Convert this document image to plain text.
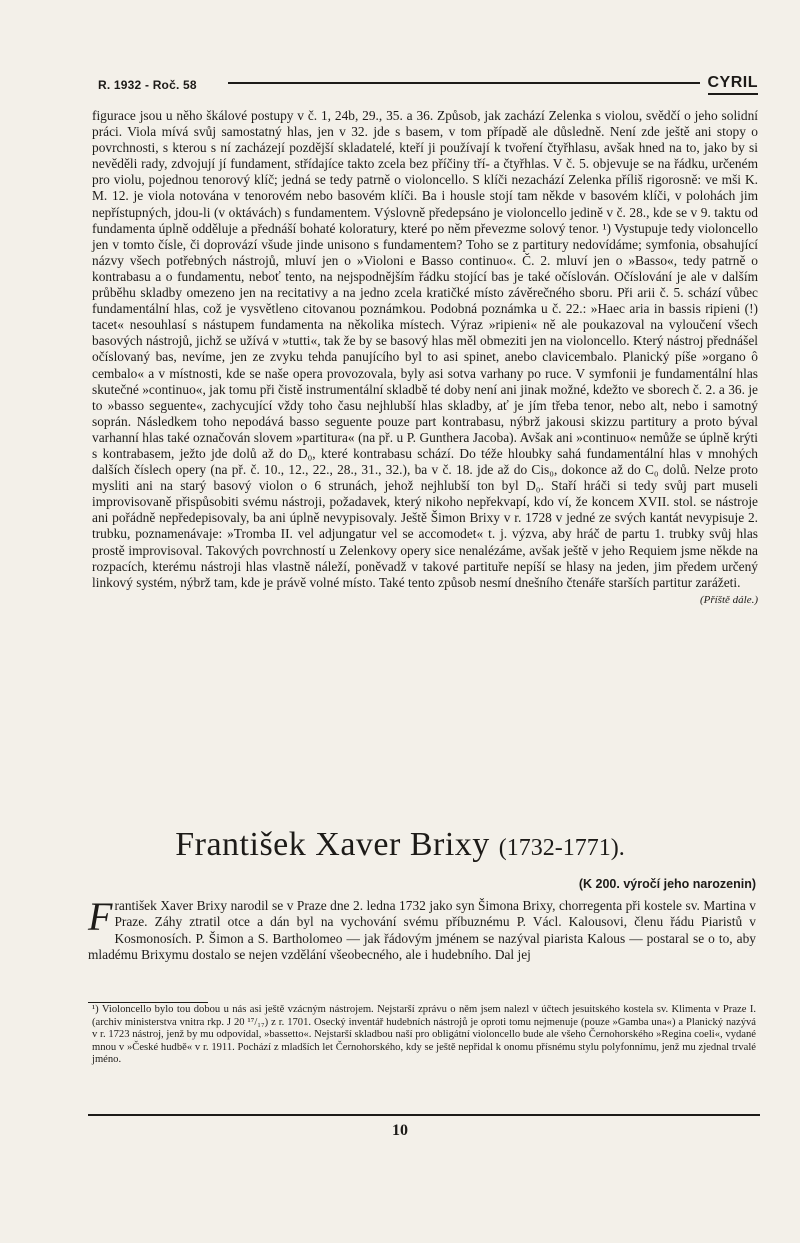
R. 1932 - Roč. 58	CYRIL

figurace jsou u něho škálové postupy v č. 1, 24b, 29., 35. a 36. Způsob, jak zachází Zelenka s violou, svědčí o jeho solidní práci. Viola mívá svůj samostatný hlas, jen v 32. jde s basem, v tom případě ale důsledně. Není zde ještě ani stopy o povrchnosti, s kterou s ní zacházejí pozdější skladatelé, kteří ji používají k tvoření čtyřhlasu, avšak hned na to, jako by si nevěděli rady, zdvojují jí fundament, střídajíce takto zcela bez příčiny tří- a čtyřhlas. V č. 5. objevuje se na řádku, určeném pro violu, pojednou tenorový klíč; jedná se tedy patrně o violoncello. S klíči nezachází Zelenka příliš rigorosně: ve mši K. M. 12. je viola notována v tenorovém nebo basovém klíči. Ba i housle stojí tam někde v basovém klíči, v polohách jim nepřístupných, jdou-li (v oktávách) s fundamentem. Výslovně předepsáno je violoncello jedině v č. 28., kde se v 9. taktu od fundamenta úplně odděluje a přednáší bohaté koloratury, které po něm převezme solový tenor. ¹) Vystupuje tedy violoncello jen v tomto čísle, či doprovází všude jinde unisono s fundamentem? Toho se z partitury nedovídáme; symfonia, obsahující názvy všech potřebných nástrojů, mluví jen o »Violoni e Basso continuo«. Č. 2. mluví jen o »Basso«, tedy patrně o kontrabasu a o fundamentu, neboť tento, na nejspodnějším řádku stojící bas je také očíslován. Očíslování je ale v dalším průběhu skladby omezeno jen na recitativy a na jedno zcela kratičké místo závěrečného sboru. Při arii č. 5. schází vůbec fundamentální hlas, což je vysvětleno citovanou poznámkou. Podobná poznámka u č. 22.: »Haec aria in bassis ripieni (!) tacet« nesouhlasí s nástupem fundamenta na několika místech. Výraz »ripieni« ně ale poukazoval na vyloučení všech basových nástrojů, jichž se užívá v »tutti«, tak že by se basový hlas měl obmeziti jen na violoncello. Který nástroj přednášel očíslovaný bas, nevíme, jen ze zvyku tehda panujícího byl to asi spinet, anebo clavicembalo. Planický píše »organo ô cembalo« a v místnosti, kde se naše opera provozovala, byly asi sotva varhany po ruce. V symfonii je fundamentální hlas skutečné »continuo«, jak tomu při čistě instrumentální skladbě té doby není ani jinak možné, kdežto ve sborech č. 2. a 36. je to »basso seguente«, zachycující vždy toho času nejhlubší hlas skladby, ať je jím třeba tenor, nebo alt, nebo i samotný soprán. Následkem toho nepodává basso seguente pouze part kontrabasu, nýbrž jakousi skizzu partitury a proto býval varhanní hlas také označován slovem »partitura« (na př. u P. Gunthera Jacoba). Avšak ani »continuo« nemůže se úplně krýti s kontrabasem, ježto jde dolů až do D₀, které kontrabasu schází. Do téže hloubky sahá fundamentální hlas v mnohých dalších číslech opery (na př. č. 10., 12., 22., 28., 31., 32.), ba v č. 18. jde až do Cis₀, dokonce až do C₀ dolů. Nelze proto mysliti ani na starý basový violon o 6 strunách, jehož nejhlubší ton byl D₀. Staří hráči si tedy svůj part museli improvisovaně přispůsobiti svému nástroji, požadavek, který nikoho nepřekvapí, kdo ví, že koncem XVII. stol. se nástroje ani pořádně nepředepisovaly, ba ani úplně nevypisovaly. Ještě Šimon Brixy v r. 1728 v jedné ze svých kantát nevypisuje 2. trubku, poznamenávaje: »Tromba II. vel adjungatur vel se accomodet« t. j. výzva, aby hráč de partu 1. trubky svůj hlas prostě improvisoval. Takových povrchností u Zelenkovy opery sice nenalézáme, avšak ještě v jeho Requiem jsme někde na rozpacích, kterému nástroji hlas vlastně náleží, poněvadž v takové partituře nepíší se hlasy na jeden, jim předem určený linkový systém, nýbrž tam, kde je právě volné místo. Také tento způsob nesmí dnešního čtenáře starších partitur zarážeti.
(Příště dále.)

František Xaver Brixy (1732-1771).
(K 200. výročí jeho narozenin)

F rantišek Xaver Brixy narodil se v Praze dne 2. ledna 1732 jako syn Šimona Brixy, chorregenta při kostele sv. Martina v Praze. Záhy ztratil otce a dán byl na vychování svému příbuznému P. Václ. Kalousovi, členu řádu Piaristů v Kosmonosích. P. Šimon a S. Bartholomeo — jak řádovým jménem se nazýval piarista Kalous — postaral se o to, aby mladému Brixymu dostalo se nejen vzdělání všeobecného, ale i hudebního. Dal jej

¹) Violoncello bylo tou dobou u nás asi ještě vzácným nástrojem. Nejstarší zprávu o něm jsem nalezl v účtech jesuitského kostela sv. Klimenta v Praze I. (archiv ministerstva vnitra rkp. J 20 ¹⁷/₁₇) z r. 1701. Osecký inventář hudebních nástrojů je oproti tomu nejmenuje (pouze »Gamba una«) a Planický nazývá v r. 1723 nástroj, jenž by mu odpovídal, »bassetto«. Nejstarší skladbou naší pro obligátní violoncello bude ale všeho Černohorského »Regina coeli«, vydané mnou v »České hudbě« v r. 1911. Pochází z mladších let Černohorského, kdy se ještě nepřidal k onomu přísnému stylu polyfonnímu, jenž mu zjednal trvalé jméno.

10
